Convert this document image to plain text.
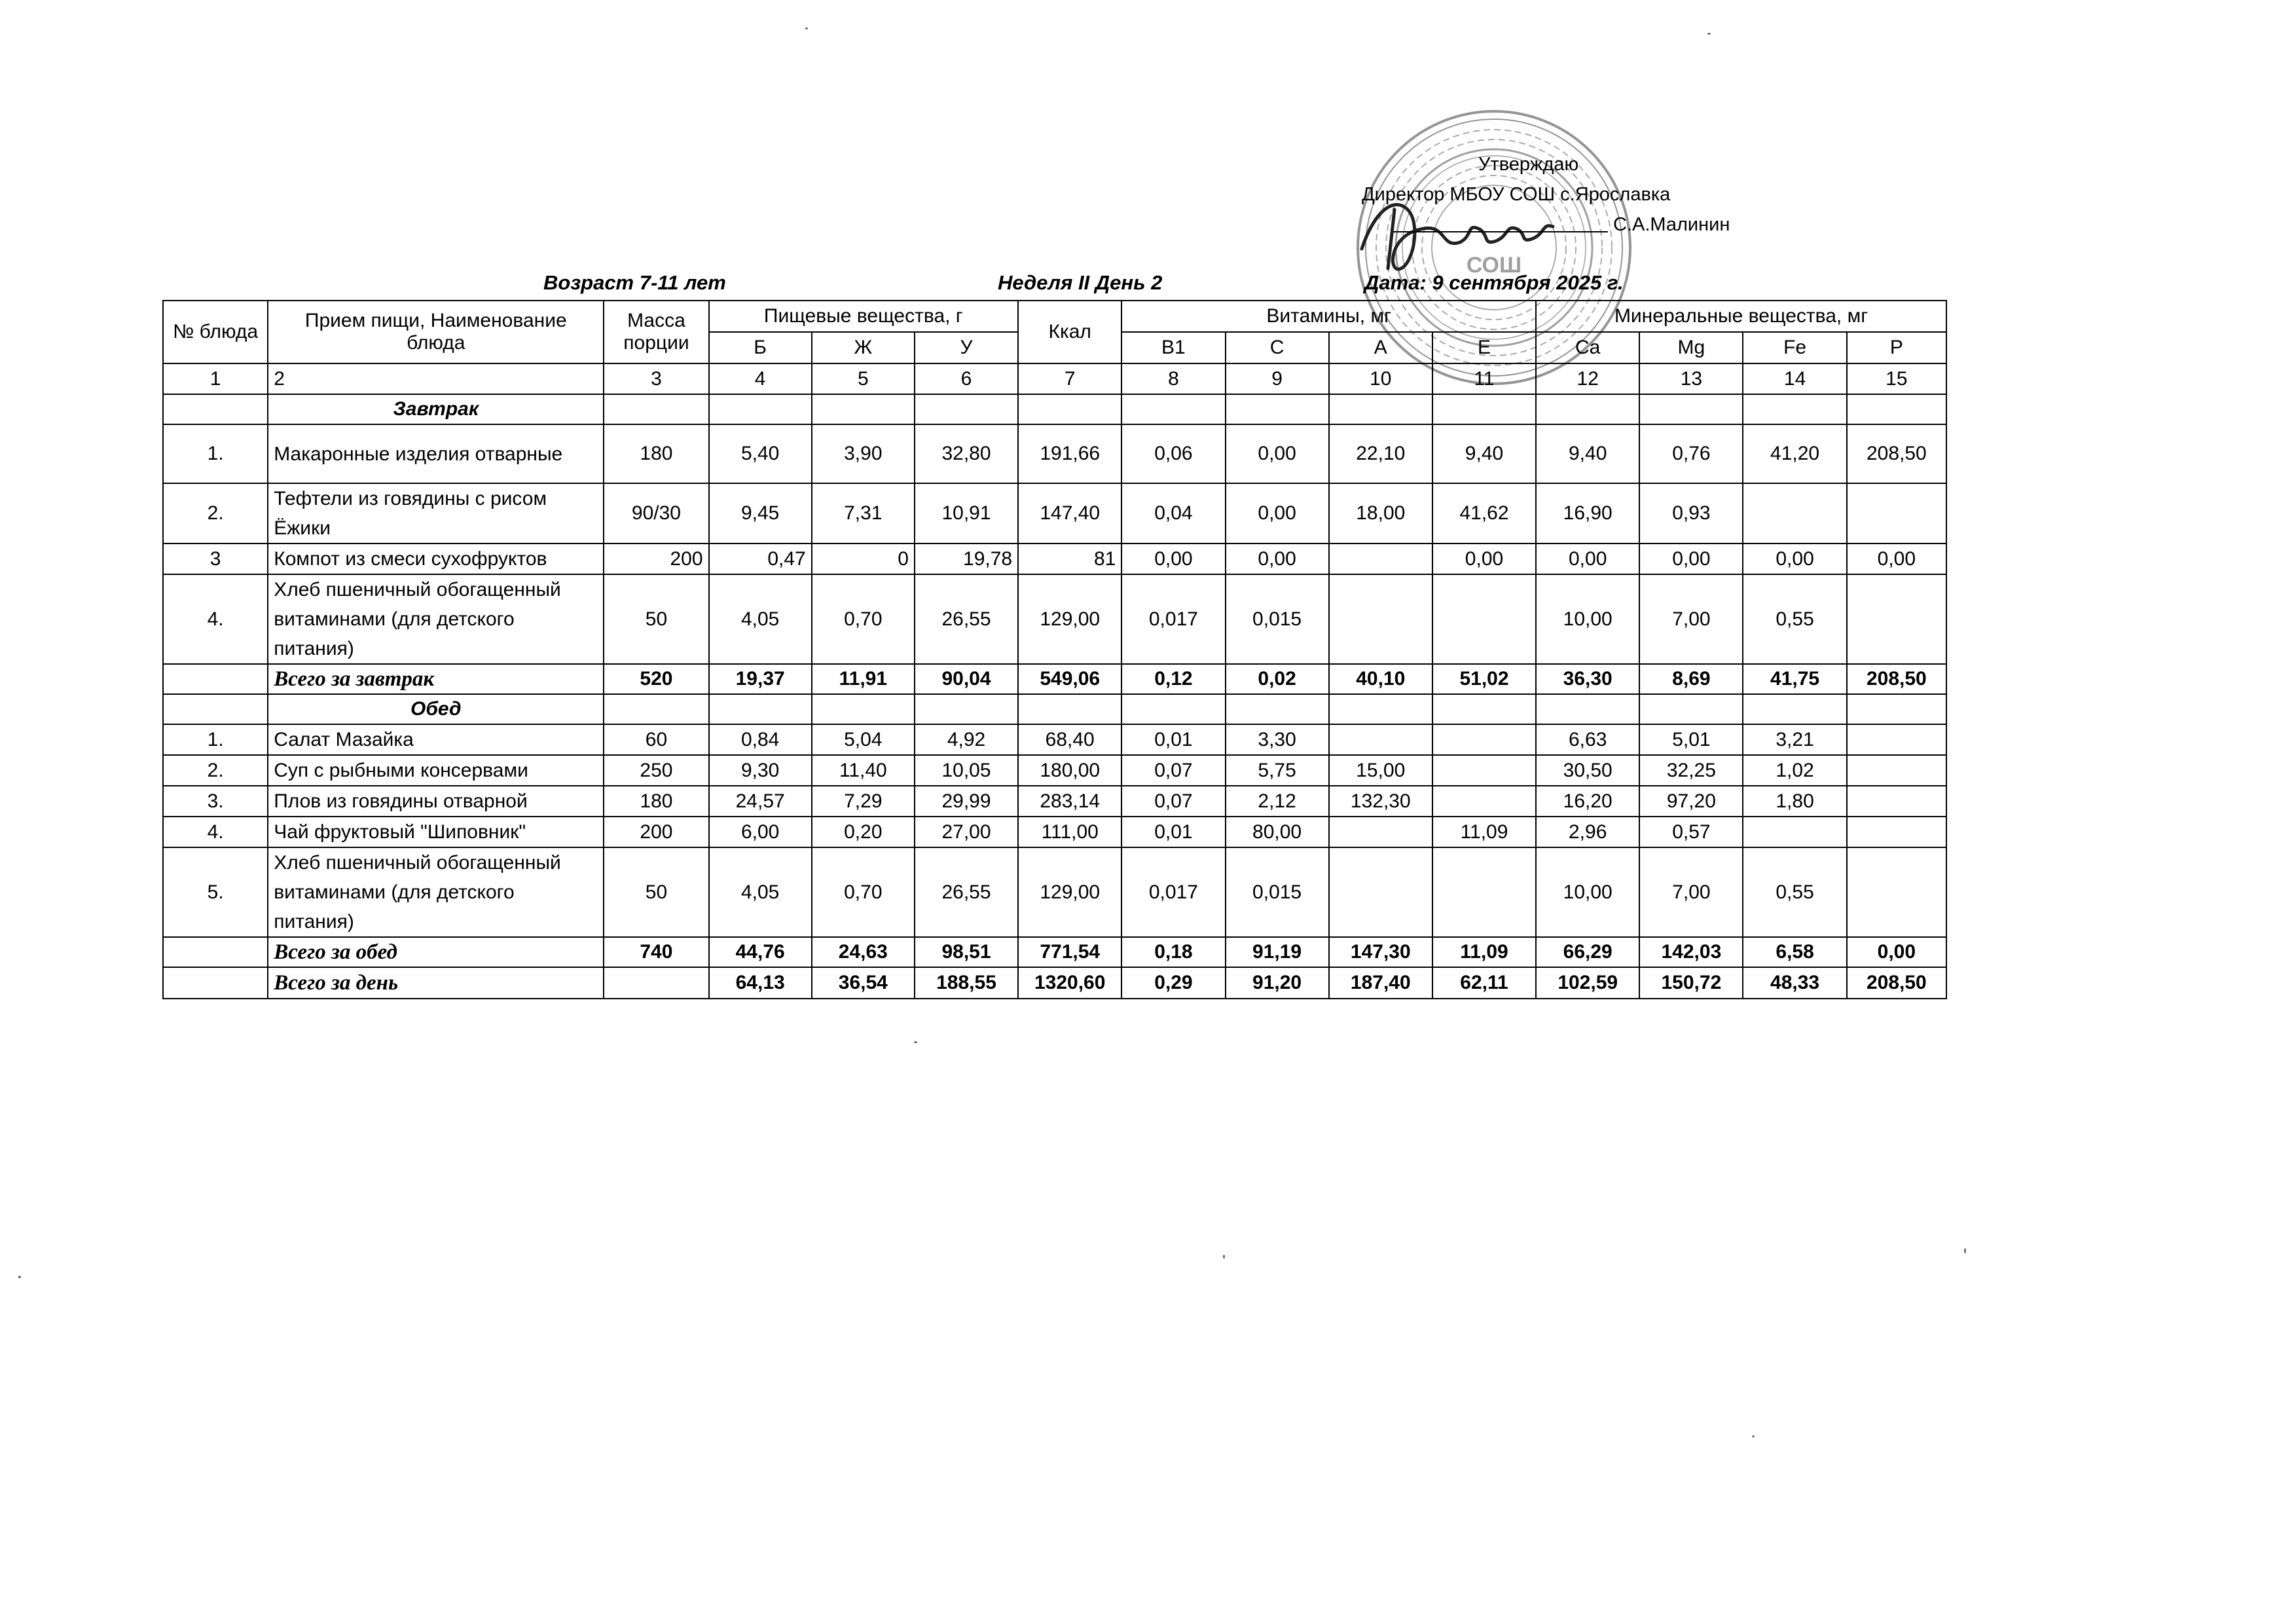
СОШ
Утверждаю
Директор МБОУ СОШ с.Ярославка
С.А.Малинин
Возраст 7-11 лет	Неделя II День 2	Дата: 9 сентября 2025 г.
№ блюда	Прием пищи, Наименование блюда	Масса порции	Пищевые вещества, г			Ккал	Витамины, мг				Минеральные вещества, мг			
			Б	Ж	У		B1	C	A	E	Ca	Mg	Fe	P
1	2	3	4	5	6	7	8	9	10	11	12	13	14	15
	Завтрак													
1.	Макаронные изделия отварные	180	5,40	3,90	32,80	191,66	0,06	0,00	22,10	9,40	9,40	0,76	41,20	208,50
2.	Тефтели из говядины с рисом Ёжики	90/30	9,45	7,31	10,91	147,40	0,04	0,00	18,00	41,62	16,90	0,93		
3	Компот из смеси сухофруктов	200	0,47	0	19,78	81	0,00	0,00		0,00	0,00	0,00	0,00	0,00
4.	Хлеб пшеничный обогащенный витаминами (для детского питания)	50	4,05	0,70	26,55	129,00	0,017	0,015			10,00	7,00	0,55	
	Всего за завтрак	520	19,37	11,91	90,04	549,06	0,12	0,02	40,10	51,02	36,30	8,69	41,75	208,50
	Обед													
1.	Салат Мазайка	60	0,84	5,04	4,92	68,40	0,01	3,30			6,63	5,01	3,21	
2.	Суп с рыбными консервами	250	9,30	11,40	10,05	180,00	0,07	5,75	15,00		30,50	32,25	1,02	
3.	Плов из говядины отварной	180	24,57	7,29	29,99	283,14	0,07	2,12	132,30		16,20	97,20	1,80	
4.	Чай фруктовый "Шиповник"	200	6,00	0,20	27,00	111,00	0,01	80,00		11,09	2,96	0,57		
5.	Хлеб пшеничный обогащенный витаминами (для детского питания)	50	4,05	0,70	26,55	129,00	0,017	0,015			10,00	7,00	0,55	
	Всего за обед	740	44,76	24,63	98,51	771,54	0,18	91,19	147,30	11,09	66,29	142,03	6,58	0,00
	Всего за день		64,13	36,54	188,55	1320,60	0,29	91,20	187,40	62,11	102,59	150,72	48,33	208,50
